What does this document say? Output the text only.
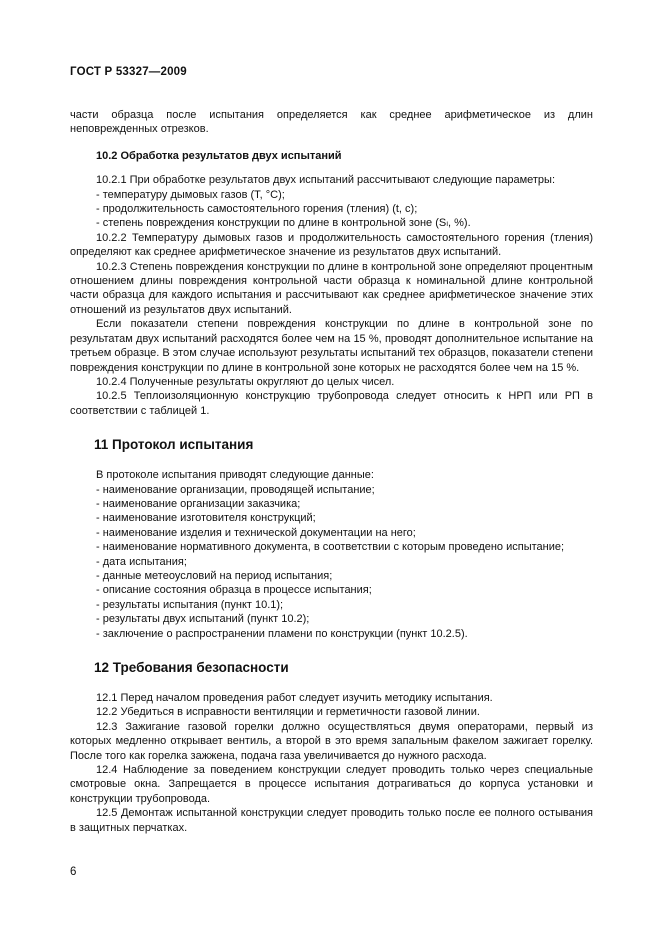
ГОСТ Р 53327—2009

части образца после испытания определяется как среднее арифметическое из длин неповрежденных отрезков.

10.2 Обработка результатов двух испытаний

10.2.1 При обработке результатов двух испытаний рассчитывают следующие параметры:

- температуру дымовых газов (Т, °С);

- продолжительность самостоятельного горения (тления) (t, с);

- степень повреждения конструкции по длине в контрольной зоне (Sₗ, %).

10.2.2 Температуру дымовых газов и продолжительность самостоятельного горения (тления) определяют как среднее арифметическое значение из результатов двух испытаний.

10.2.3 Степень повреждения конструкции по длине в контрольной зоне определяют процентным отношением длины повреждения контрольной части образца к номинальной длине контрольной части образца для каждого испытания и рассчитывают как среднее арифметическое значение этих отношений из результатов двух испытаний.

Если показатели степени повреждения конструкции по длине в контрольной зоне по результатам двух испытаний расходятся более чем на 15 %, проводят дополнительное испытание на третьем образце. В этом случае используют результаты испытаний тех образцов, показатели степени повреждения конструкции по длине в контрольной зоне которых не расходятся более чем на 15 %.

10.2.4 Полученные результаты округляют до целых чисел.

10.2.5 Теплоизоляционную конструкцию трубопровода следует относить к НРП или РП в соответствии с таблицей 1.

11 Протокол испытания

В протоколе испытания приводят следующие данные:

- наименование организации, проводящей испытание;

- наименование организации заказчика;

- наименование изготовителя конструкций;

- наименование изделия и технической документации на него;

- наименование нормативного документа, в соответствии с которым проведено испытание;

- дата испытания;

- данные метеоусловий на период испытания;

- описание состояния образца в процессе испытания;

- результаты испытания (пункт 10.1);

- результаты двух испытаний (пункт 10.2);

- заключение о распространении пламени по конструкции (пункт 10.2.5).

12 Требования безопасности

12.1 Перед началом проведения работ следует изучить методику испытания.

12.2 Убедиться в исправности вентиляции и герметичности газовой линии.

12.3 Зажигание газовой горелки должно осуществляться двумя операторами, первый из которых медленно открывает вентиль, а второй в это время запальным факелом зажигает горелку. После того как горелка зажжена, подача газа увеличивается до нужного расхода.

12.4 Наблюдение за поведением конструкции следует проводить только через специальные смотровые окна. Запрещается в процессе испытания дотрагиваться до корпуса установки и конструкции трубопровода.

12.5 Демонтаж испытанной конструкции следует проводить только после ее полного остывания в защитных перчатках.

6
